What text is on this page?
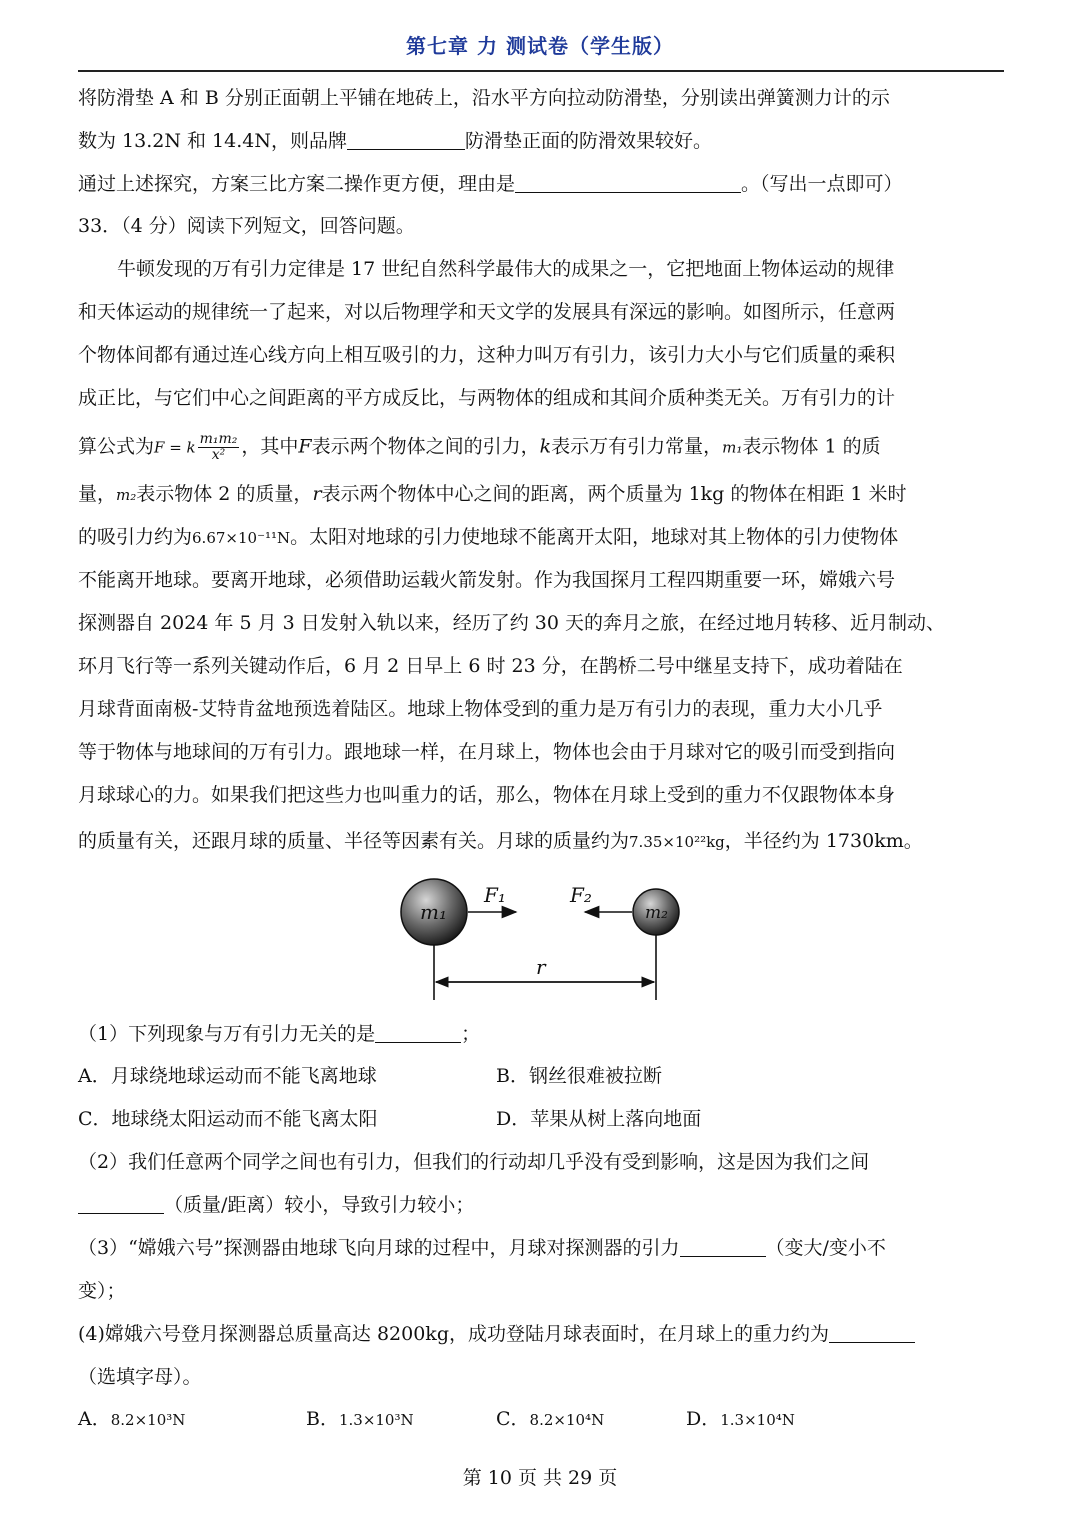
第七章 力 测试卷（学生版）
将防滑垫 A 和 B 分别正面朝上平铺在地砖上，沿水平方向拉动防滑垫，分别读出弹簧测力计的示
数为 13.2N 和 14.4N，则品牌	防滑垫正面的防滑效果较好。
通过上述探究，方案三比方案二操作更方便，理由是	。（写出一点即可）
33．（4 分）阅读下列短文，回答问题。
牛顿发现的万有引力定律是 17 世纪自然科学最伟大的成果之一，它把地面上物体运动的规律
和天体运动的规律统一了起来，对以后物理学和天文学的发展具有深远的影响。如图所示，任意两
个物体间都有通过连心线方向上相互吸引的力，这种力叫万有引力，该引力大小与它们质量的乘积
成正比，与它们中心之间距离的平方成反比，与两物体的组成和其间介质种类无关。万有引力的计
算公式为F = k $\frac{\text{m₁m₂}}{\text{x²}}$ ，其中F表示两个物体之间的引力，k表示万有引力常量，m₁表示物体 1 的质
量，m₂表示物体 2 的质量，r表示两个物体中心之间的距离，两个质量为 1kg 的物体在相距 1 米时
的吸引力约为6.67×10⁻¹¹N。太阳对地球的引力使地球不能离开太阳，地球对其上物体的引力使物体
不能离开地球。要离开地球，必须借助运载火箭发射。作为我国探月工程四期重要一环，嫦娥六号
探测器自 2024 年 5 月 3 日发射入轨以来，经历了约 30 天的奔月之旅，在经过地月转移、近月制动、
环月飞行等一系列关键动作后，6 月 2 日早上 6 时 23 分，在鹊桥二号中继星支持下，成功着陆在
月球背面南极-艾特肯盆地预选着陆区。地球上物体受到的重力是万有引力的表现，重力大小几乎
等于物体与地球间的万有引力。跟地球一样，在月球上，物体也会由于月球对它的吸引而受到指向
月球球心的力。如果我们把这些力也叫重力的话，那么，物体在月球上受到的重力不仅跟物体本身
的质量有关，还跟月球的质量、半径等因素有关。月球的质量约为7.35×10²²kg，半径约为 1730km。
m₁	m₂
F₁	F₂
r
（1）下列现象与万有引力无关的是	；
A．月球绕地球运动而不能飞离地球	B．钢丝很难被拉断
C．地球绕太阳运动而不能飞离太阳	D．苹果从树上落向地面
（2）我们任意两个同学之间也有引力，但我们的行动却几乎没有受到影响，这是因为我们之间
（质量/距离）较小，导致引力较小；
（3）“嫦娥六号”探测器由地球飞向月球的过程中，月球对探测器的引力	（变大/变小不
变）；
(4)嫦娥六号登月探测器总质量高达 8200kg，成功登陆月球表面时，在月球上的重力约为
（选填字母）。
A．8.2×10³N	B．1.3×10³N	C．8.2×10⁴N	D．1.3×10⁴N
第 10 页 共 29 页
